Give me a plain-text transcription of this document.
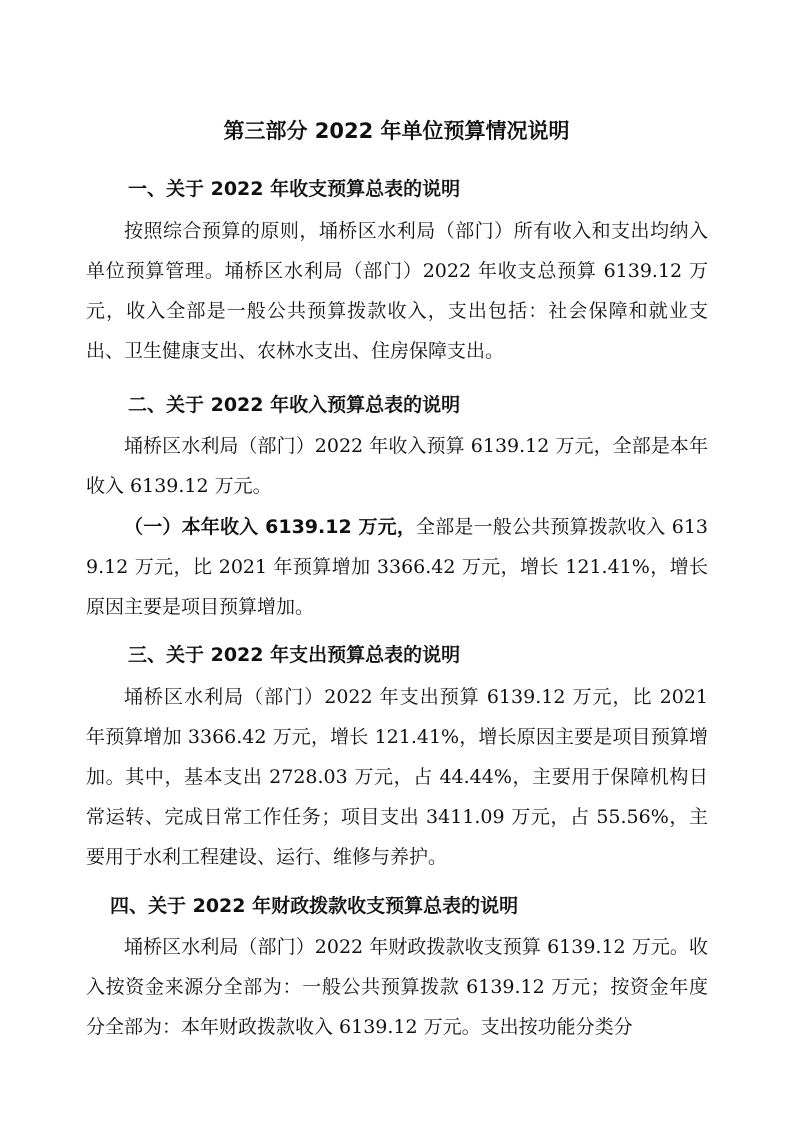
第三部分 2022 年单位预算情况说明
一、关于 2022 年收支预算总表的说明
按照综合预算的原则，埇桥区水利局（部门）所有收入和支出均纳入单位预算管理。埇桥区水利局（部门）2022 年收支总预算 6139.12 万元，收入全部是一般公共预算拨款收入，支出包括：社会保障和就业支出、卫生健康支出、农林水支出、住房保障支出。
二、关于 2022 年收入预算总表的说明
埇桥区水利局（部门）2022 年收入预算 6139.12 万元，全部是本年收入 6139.12 万元。
（一）本年收入 6139.12 万元，全部是一般公共预算拨款收入 6139.12 万元，比 2021 年预算增加 3366.42 万元，增长 121.41%，增长原因主要是项目预算增加。
三、关于 2022 年支出预算总表的说明
埇桥区水利局（部门）2022 年支出预算 6139.12 万元，比 2021 年预算增加 3366.42 万元，增长 121.41%，增长原因主要是项目预算增加。其中，基本支出 2728.03 万元，占 44.44%，主要用于保障机构日常运转、完成日常工作任务；项目支出 3411.09 万元，占 55.56%，主要用于水利工程建设、运行、维修与养护。
四、关于 2022 年财政拨款收支预算总表的说明
埇桥区水利局（部门）2022 年财政拨款收支预算 6139.12 万元。收入按资金来源分全部为：一般公共预算拨款 6139.12 万元；按资金年度分全部为：本年财政拨款收入 6139.12 万元。支出按功能分类分
